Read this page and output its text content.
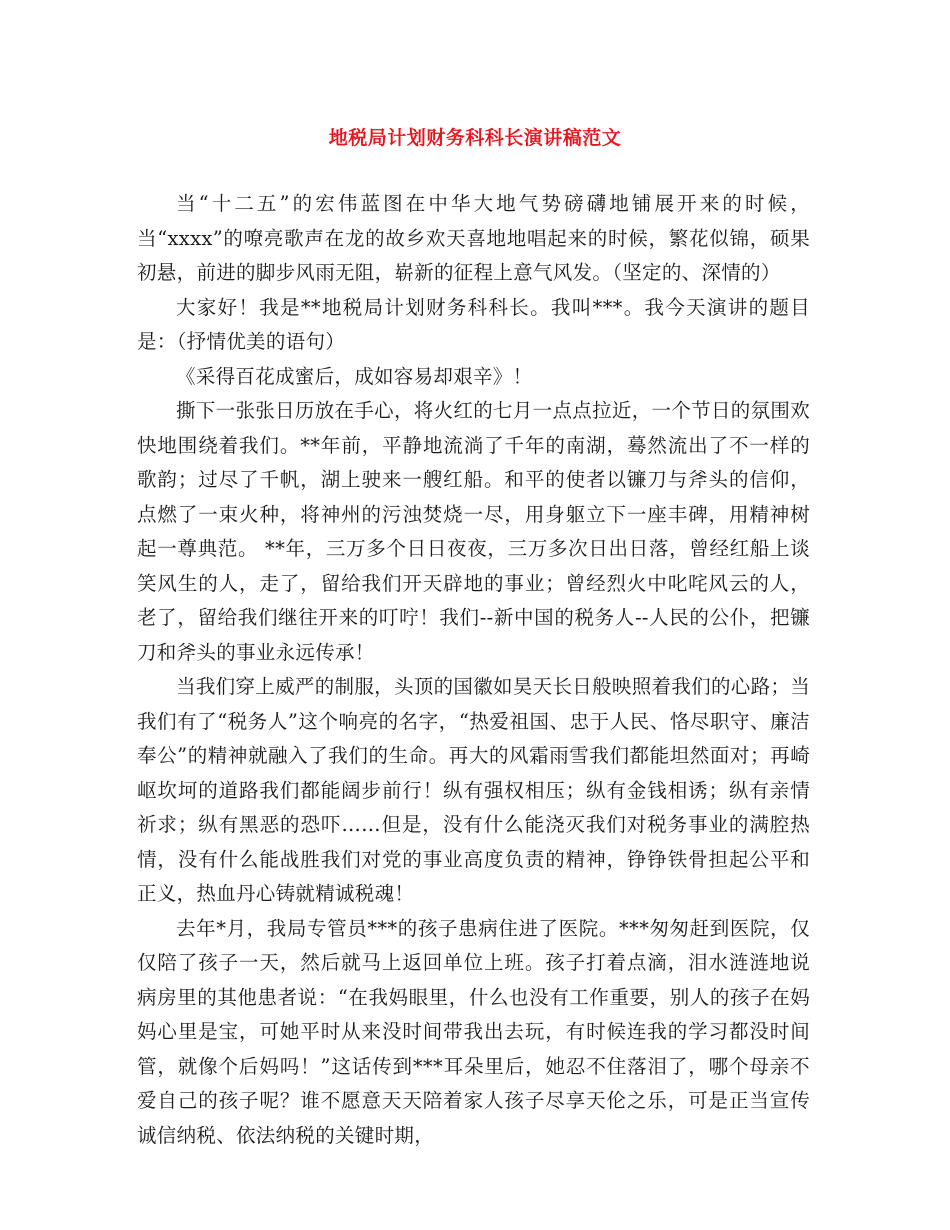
地税局计划财务科科长演讲稿范文

当“十二五”的宏伟蓝图在中华大地气势磅礴地铺展开来的时候，当“xxxx”的嘹亮歌声在龙的故乡欢天喜地地唱起来的时候，繁花似锦，硕果初悬，前进的脚步风雨无阻，崭新的征程上意气风发。（坚定的、深情的）

大家好！我是**地税局计划财务科科长。我叫***。我今天演讲的题目是：（抒情优美的语句）

《采得百花成蜜后，成如容易却艰辛》！

撕下一张张日历放在手心，将火红的七月一点点拉近，一个节日的氛围欢快地围绕着我们。**年前，平静地流淌了千年的南湖，蓦然流出了不一样的歌韵；过尽了千帆，湖上驶来一艘红船。和平的使者以镰刀与斧头的信仰，点燃了一束火种，将神州的污浊焚烧一尽，用身躯立下一座丰碑，用精神树起一尊典范。 **年，三万多个日日夜夜，三万多次日出日落，曾经红船上谈笑风生的人，走了，留给我们开天辟地的事业；曾经烈火中叱咤风云的人，老了，留给我们继往开来的叮咛！我们--新中国的税务人--人民的公仆，把镰刀和斧头的事业永远传承！

当我们穿上威严的制服，头顶的国徽如昊天长日般映照着我们的心路；当我们有了“税务人”这个响亮的名字，“热爱祖国、忠于人民、恪尽职守、廉洁奉公”的精神就融入了我们的生命。再大的风霜雨雪我们都能坦然面对；再崎岖坎坷的道路我们都能阔步前行！纵有强权相压；纵有金钱相诱；纵有亲情祈求；纵有黑恶的恐吓……但是，没有什么能浇灭我们对税务事业的满腔热情，没有什么能战胜我们对党的事业高度负责的精神，铮铮铁骨担起公平和正义，热血丹心铸就精诚税魂！

去年*月，我局专管员***的孩子患病住进了医院。***匆匆赶到医院，仅仅陪了孩子一天，然后就马上返回单位上班。孩子打着点滴，泪水涟涟地说病房里的其他患者说：“在我妈眼里，什么也没有工作重要，别人的孩子在妈妈心里是宝，可她平时从来没时间带我出去玩，有时候连我的学习都没时间管，就像个后妈吗！”这话传到***耳朵里后，她忍不住落泪了，哪个母亲不爱自己的孩子呢？谁不愿意天天陪着家人孩子尽享天伦之乐，可是正当宣传诚信纳税、依法纳税的关键时期，
